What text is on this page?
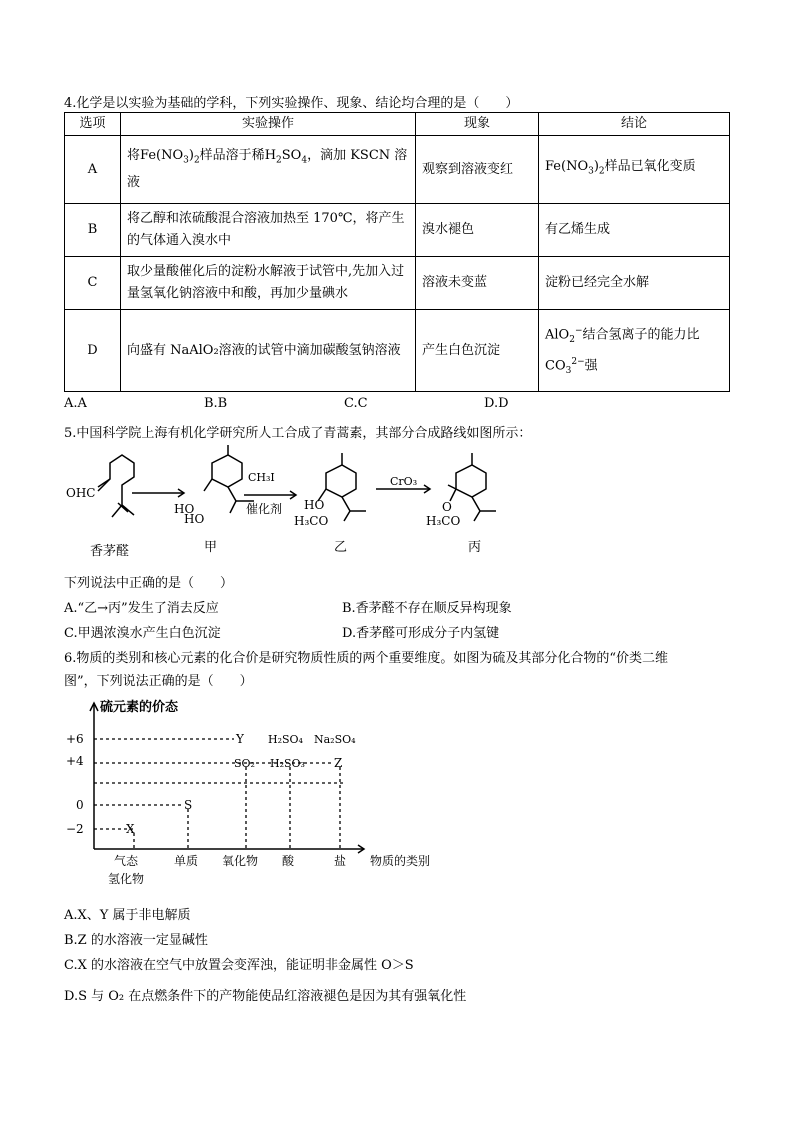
4.化学是以实验为基础的学科，下列实验操作、现象、结论均合理的是（　　）
选项	实验操作	现象	结论
A	将$Fe(NO_3)_2$样品溶于稀$H_2SO_4$，滴加 KSCN 溶液	观察到溶液变红	$Fe(NO_3)_2$样品已氧化变质
B	将乙醇和浓硫酸混合溶液加热至 170℃，将产生的气体通入溴水中	溴水褪色	有乙烯生成
C	取少量酸催化后的淀粉水解液于试管中,先加入过量氢氧化钠溶液中和酸，再加少量碘水	溶液未变蓝	淀粉已经完全水解
D	向盛有 NaAlO₂溶液的试管中滴加碳酸氢钠溶液	产生白色沉淀	AlO$_2$−结合氢离子的能力比
$CO_3^{2-}$强
A.A	B.B	C.C	D.D
5.中国科学院上海有机化学研究所人工合成了青蒿素，其部分合成路线如图所示：
OHC
香茅醛
HO
HO
甲
CH₃I
催化剂 HO
H₃CO
乙
CrO₃
O
H₃CO
丙
下列说法中正确的是（　　）
A.“乙→丙”发生了消去反应	B.香茅醛不存在顺反异构现象
C.甲遇浓溴水产生白色沉淀	D.香茅醛可形成分子内氢键
6.物质的类别和核心元素的化合价是研究物质性质的两个重要维度。如图为硫及其部分化合物的“价类二维
图”，下列说法正确的是（　　）
硫元素的价态
+6
+4
0
−2	X
S
SO₂
Y
H₂SO₃
H₂SO₄
Z
Na₂SO₄
气态
氢化物
单质 氧化物 酸	盐 物质的类别
A.X、Y 属于非电解质
B.Z 的水溶液一定显碱性
C.X 的水溶液在空气中放置会变浑浊，能证明非金属性 O＞S
D.S 与 O₂ 在点燃条件下的产物能使品红溶液褪色是因为其有强氧化性
